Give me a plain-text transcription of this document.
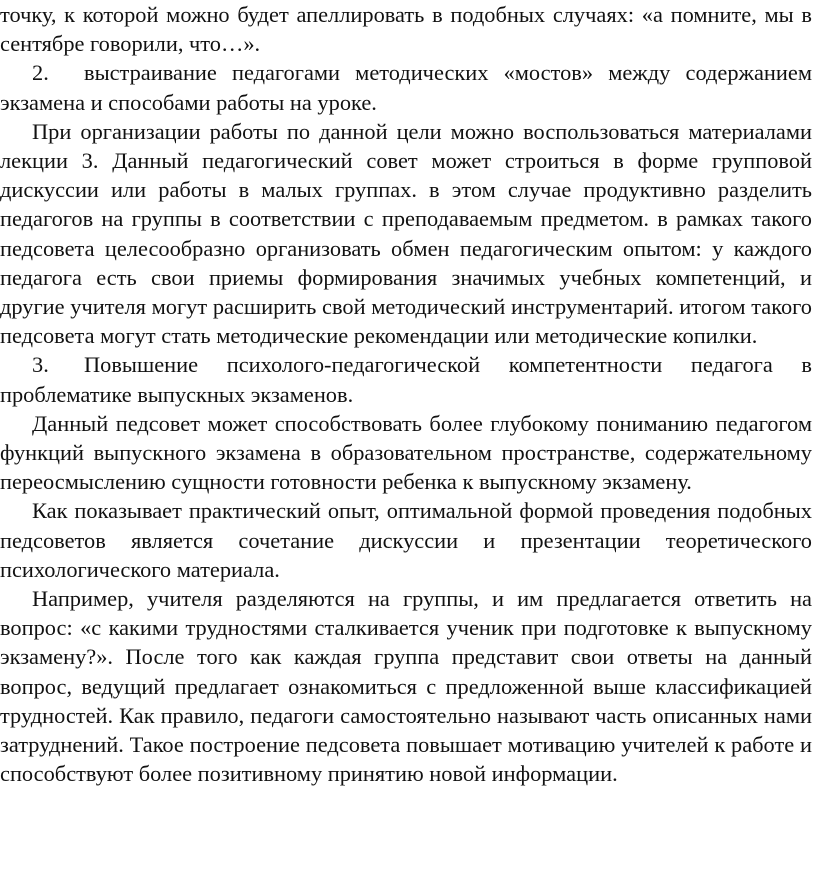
точку, к которой можно будет апеллировать в подобных случаях: «а помните, мы в сентябре говорили, что…».

2. выстраивание педагогами методических «мостов» между содержанием экзамена и способами работы на уроке.

При организации работы по данной цели можно воспользоваться материалами лекции 3. Данный педагогический совет может строиться в форме групповой дискуссии или работы в малых группах. в этом случае продуктивно разделить педагогов на группы в соответствии с преподаваемым предметом. в рамках такого педсовета целесообразно организовать обмен педагогическим опытом: у каждого педагога есть свои приемы формирования значимых учебных компетенций, и другие учителя могут расширить свой методический инструментарий. итогом такого педсовета могут стать методические рекомендации или методические копилки.

3. Повышение психолого-педагогической компетентности педагога в проблематике выпускных экзаменов.

Данный педсовет может способствовать более глубокому пониманию педагогом функций выпускного экзамена в образовательном пространстве, содержательному переосмыслению сущности готовности ребенка к выпускному экзамену.

Как показывает практический опыт, оптимальной формой проведения подобных педсоветов является сочетание дискуссии и презентации теоретического психологического материала.

Например, учителя разделяются на группы, и им предлагается ответить на вопрос: «с какими трудностями сталкивается ученик при подготовке к выпускному экзамену?». После того как каждая группа представит свои ответы на данный вопрос, ведущий предлагает ознакомиться с предложенной выше классификацией трудностей. Как правило, педагоги самостоятельно называют часть описанных нами затруднений. Такое построение педсовета повышает мотивацию учителей к работе и способствуют более позитивному принятию новой информации.
